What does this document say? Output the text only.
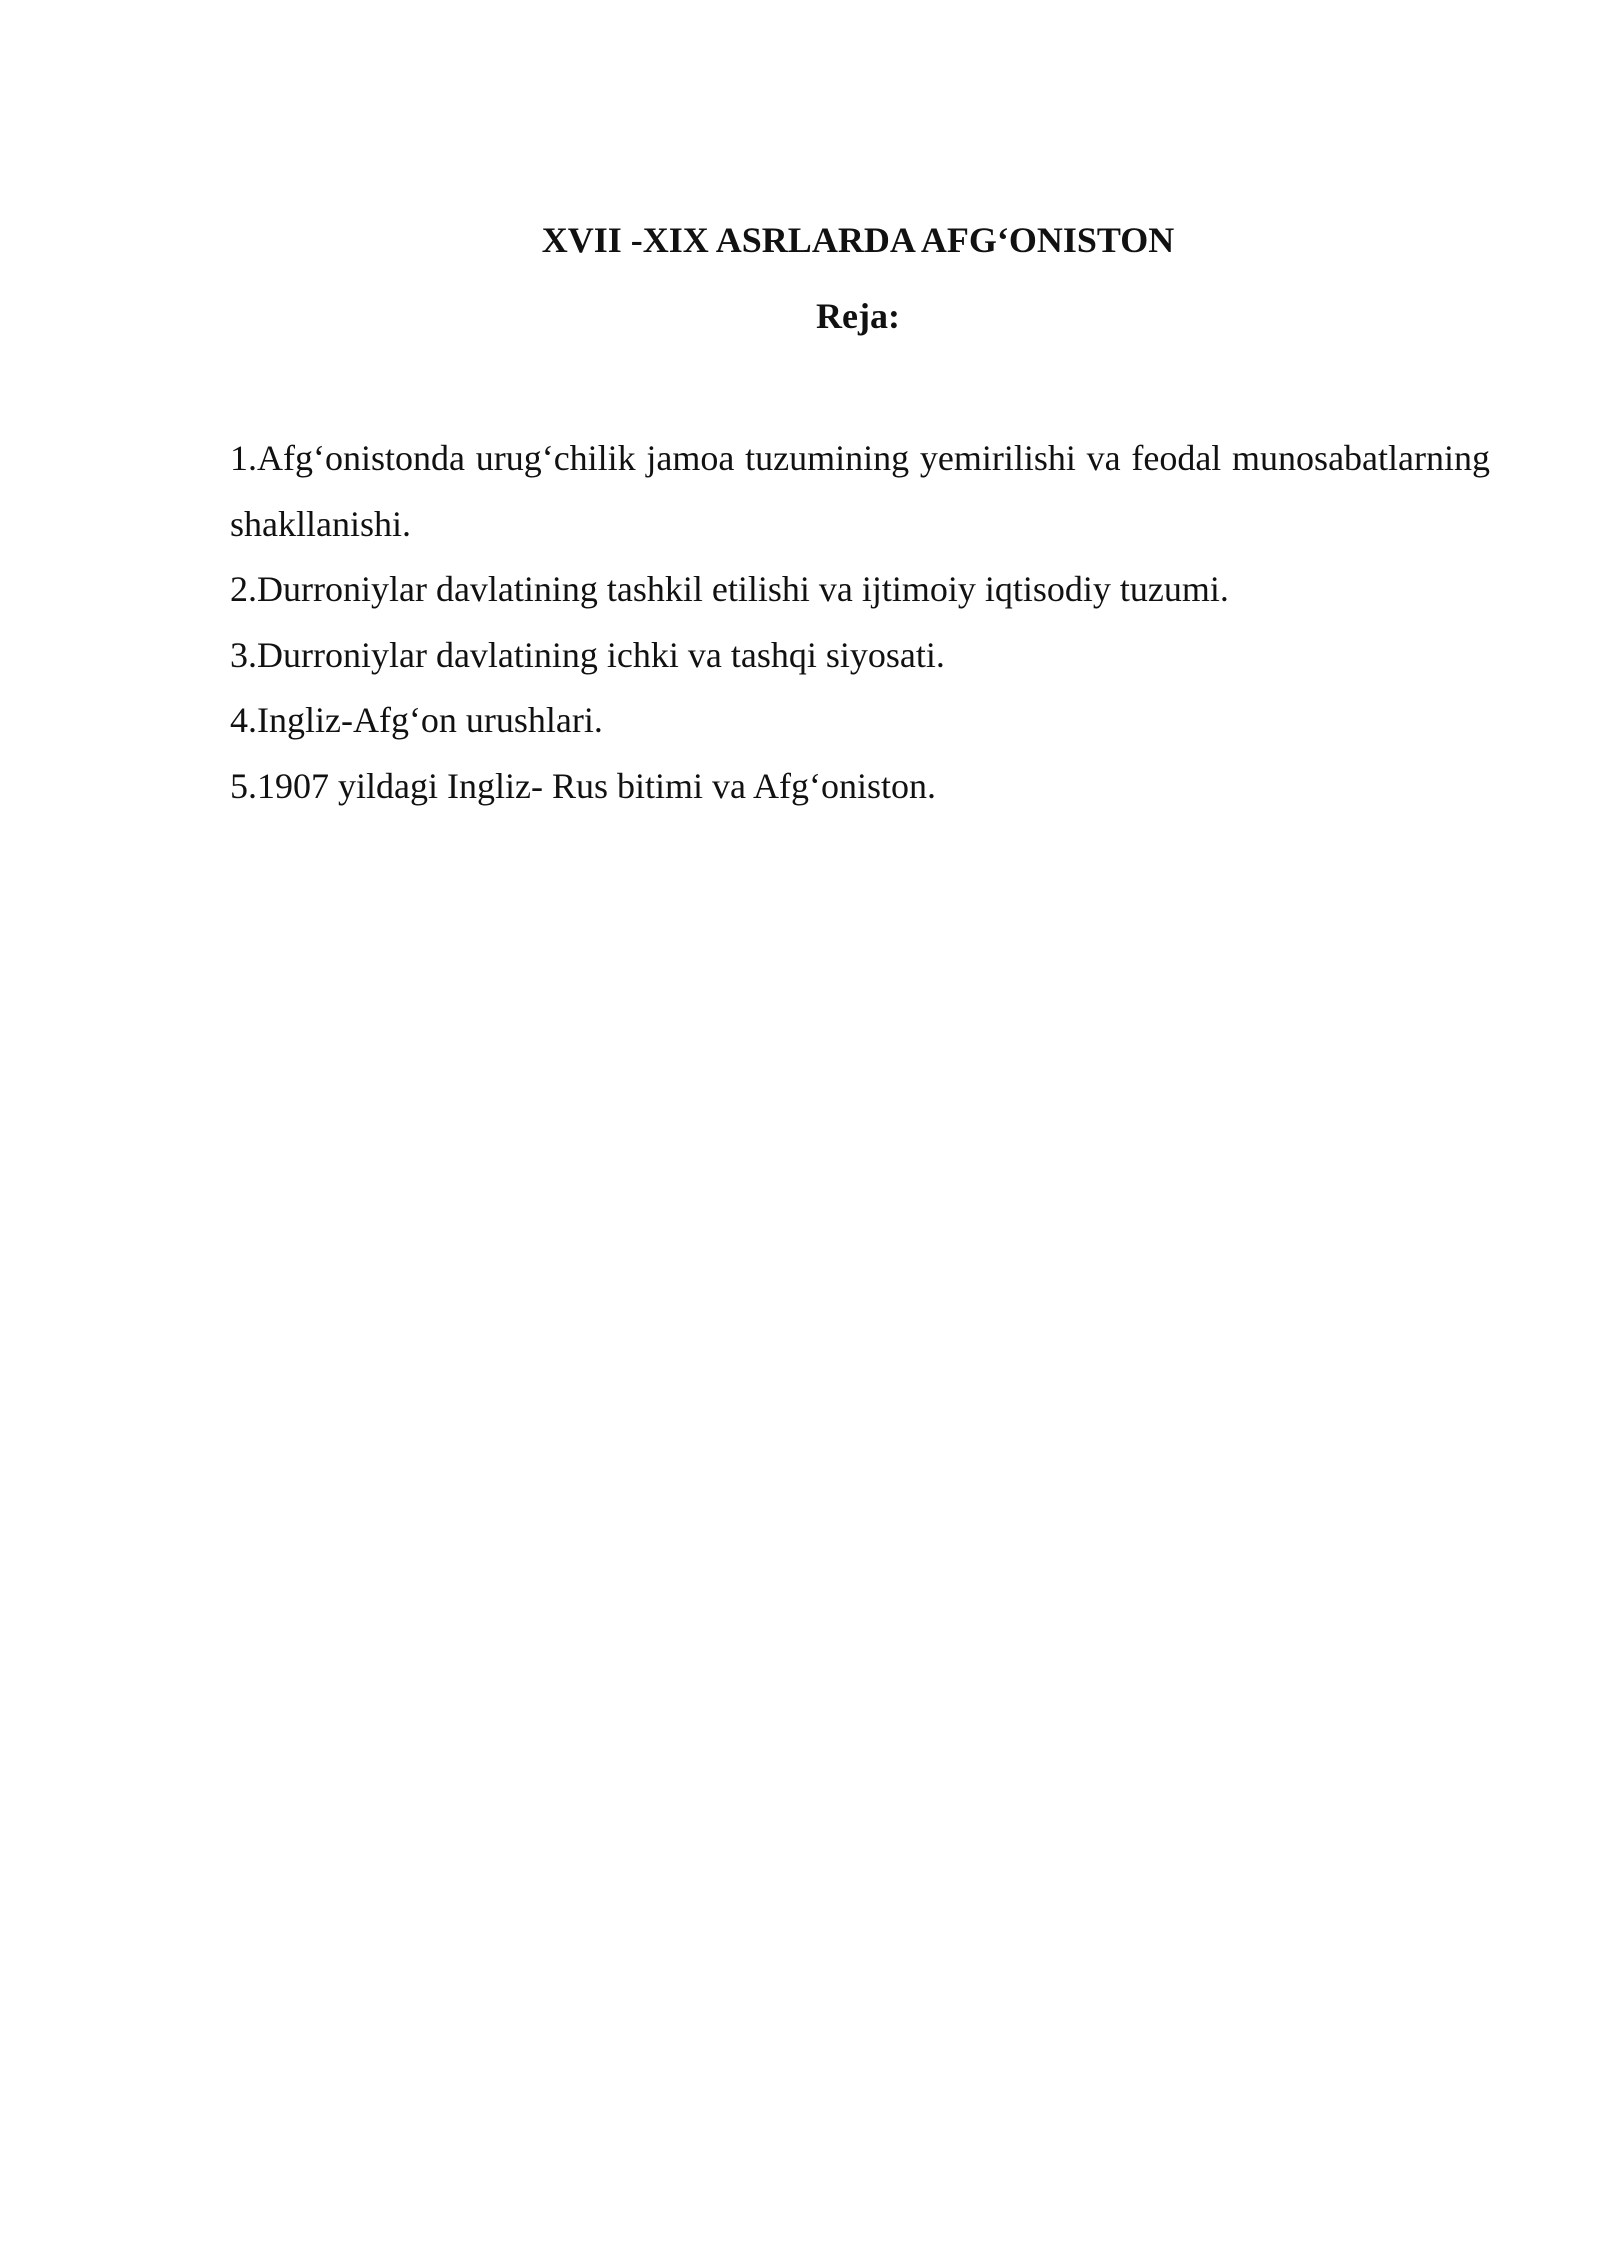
XVII -XIX ASRLARDA AFG‘ONISTON
Reja:
1.Afg‘onistonda urug‘chilik jamoa tuzumining yemirilishi va feodal munosabatlarning shakllanishi.
2.Durroniylar davlatining tashkil etilishi va ijtimoiy iqtisodiy tuzumi.
3.Durroniylar davlatining ichki va tashqi siyosati.
4.Ingliz-Afg‘on urushlari.
5.1907 yildagi Ingliz- Rus bitimi va Afg‘oniston.
